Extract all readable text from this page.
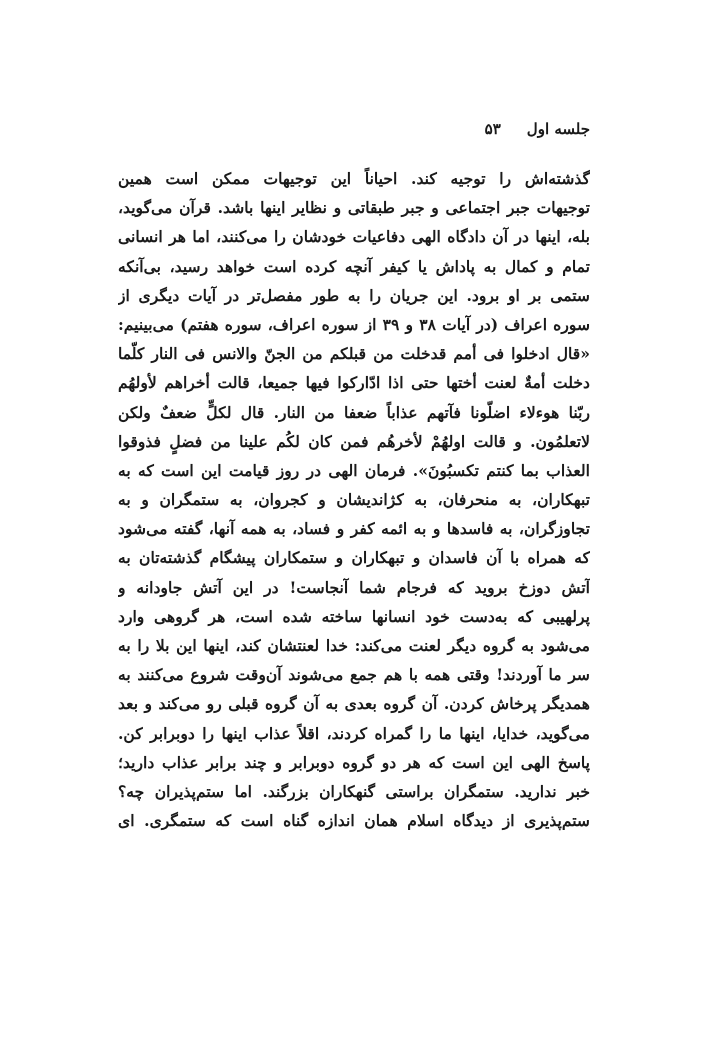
جلسه اول۵۳
گذشته‌اش را توجیه کند. احیاناً این توجیهات ممکن است همین
توجیهات جبر اجتماعی و جبر طبقاتی و نظایر اینها باشد. قرآن می‌گوید،
بله، اینها در آن دادگاه الهی دفاعیات خودشان را می‌کنند، اما هر انسانی
تمام و کمال به پاداش یا کیفر آنچه کرده است خواهد رسید، بی‌آنکه
ستمی بر او برود. این جریان را به طور مفصل‌تر در آیات دیگری از
سوره اعراف (در آیات ۳۸ و ۳۹ از سوره اعراف، سوره هفتم) می‌بینیم:
«قال ادخلوا فی أمم قدخلت من قبلکم من الجنّ والانس فی النار کلّما
دخلت أمةٌ لعنت أختها حتی اذا ادّارکوا فیها جمیعا، قالت أخراهم لأولهُم
ربّنا هوءلاء اضلّونا فآتهم عذاباً ضعفا من النار. قال لکلٍّ ضعفٌ ولکن
لاتعلمُون. و قالت اولهُمْ لأخرهُم فمن کان لکُم علینا من فضلٍ فذوقوا
العذاب بما کنتم تکسبُونَ». فرمان الهی در روز قیامت این است که به
تبهکاران، به منحرفان، به کژاندیشان و کجروان، به ستمگران و به
تجاوزگران، به فاسدها و به ائمه کفر و فساد، به همه آنها، گفته می‌شود
که همراه با آن فاسدان و تبهکاران و ستمکاران پیشگام گذشته‌تان به
آتش دوزخ بروید که فرجام شما آنجاست! در این آتش جاودانه و
پرلهیبی که به‌دست خود انسانها ساخته شده است، هر گروهی وارد
می‌شود به گروه دیگر لعنت می‌کند: خدا لعنتشان کند، اینها این بلا را به
سر ما آوردند! وقتی همه با هم جمع می‌شوند آن‌وقت شروع می‌کنند به
همدیگر پرخاش کردن. آن گروه بعدی به آن گروه قبلی رو می‌کند و بعد
می‌گوید، خدایا، اینها ما را گمراه کردند، اقلاً عذاب اینها را دوبرابر کن.
پاسخ الهی این است که هر دو گروه دوبرابر و چند برابر عذاب دارید؛
خبر ندارید. ستمگران براستی گنهکاران بزرگند. اما ستم‌پذیران چه؟
ستم‌پذیری از دیدگاه اسلام همان اندازه گناه است که ستمگری. ای
